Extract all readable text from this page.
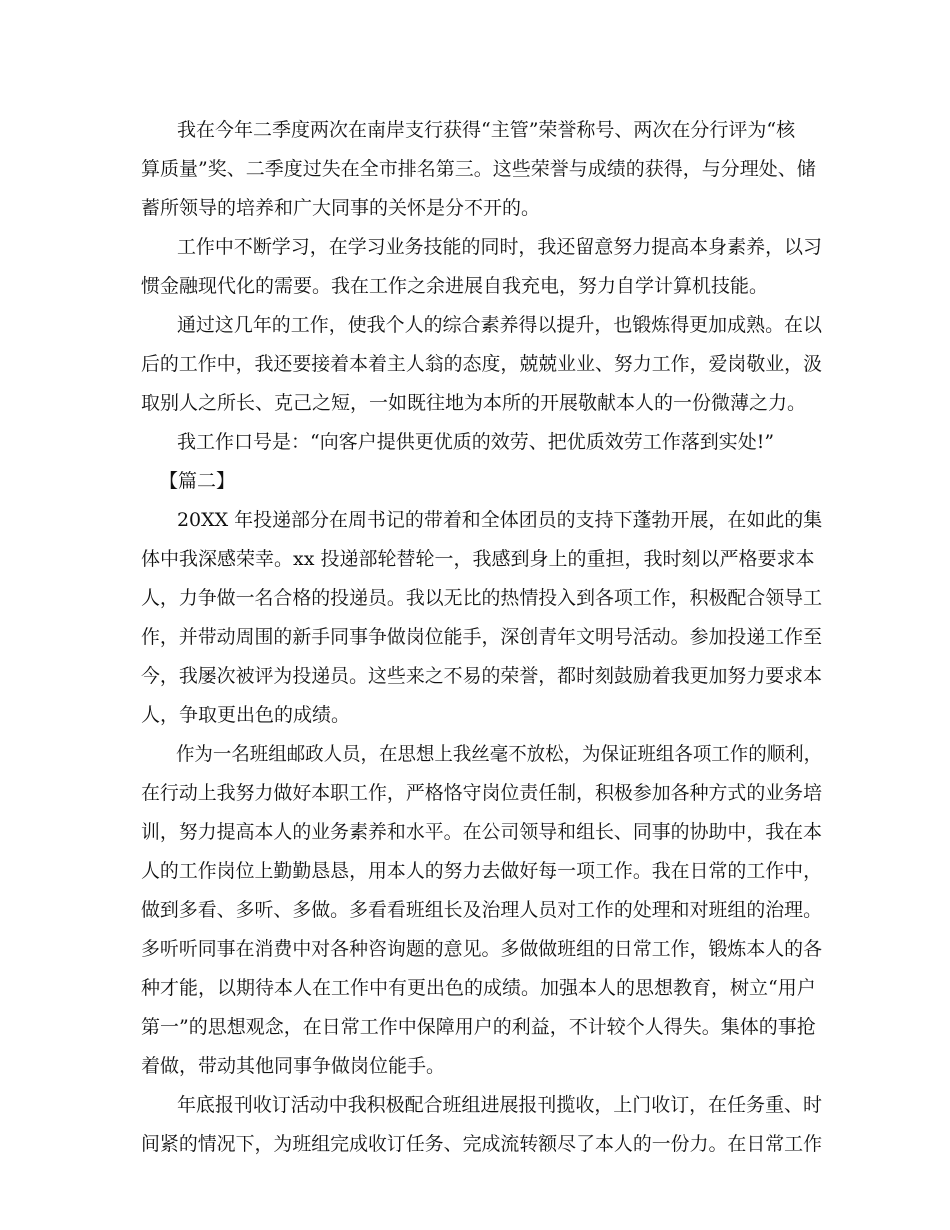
我在今年二季度两次在南岸支行获得“主管”荣誉称号、两次在分行评为“核
算质量”奖、二季度过失在全市排名第三。这些荣誉与成绩的获得，与分理处、储
蓄所领导的培养和广大同事的关怀是分不开的。
工作中不断学习，在学习业务技能的同时，我还留意努力提高本身素养，以习
惯金融现代化的需要。我在工作之余进展自我充电，努力自学计算机技能。
通过这几年的工作，使我个人的综合素养得以提升，也锻炼得更加成熟。在以
后的工作中，我还要接着本着主人翁的态度，兢兢业业、努力工作，爱岗敬业，汲
取别人之所长、克己之短，一如既往地为本所的开展敬献本人的一份微薄之力。
我工作口号是：“向客户提供更优质的效劳、把优质效劳工作落到实处!”
【篇二】
20XX 年投递部分在周书记的带着和全体团员的支持下蓬勃开展，在如此的集
体中我深感荣幸。xx 投递部轮替轮一，我感到身上的重担，我时刻以严格要求本
人，力争做一名合格的投递员。我以无比的热情投入到各项工作，积极配合领导工
作，并带动周围的新手同事争做岗位能手，深创青年文明号活动。参加投递工作至
今，我屡次被评为投递员。这些来之不易的荣誉，都时刻鼓励着我更加努力要求本
人，争取更出色的成绩。
作为一名班组邮政人员，在思想上我丝毫不放松，为保证班组各项工作的顺利，
在行动上我努力做好本职工作，严格恪守岗位责任制，积极参加各种方式的业务培
训，努力提高本人的业务素养和水平。在公司领导和组长、同事的协助中，我在本
人的工作岗位上勤勤恳恳，用本人的努力去做好每一项工作。我在日常的工作中，
做到多看、多听、多做。多看看班组长及治理人员对工作的处理和对班组的治理。
多听听同事在消费中对各种咨询题的意见。多做做班组的日常工作，锻炼本人的各
种才能，以期待本人在工作中有更出色的成绩。加强本人的思想教育，树立“用户
第一”的思想观念，在日常工作中保障用户的利益，不计较个人得失。集体的事抢
着做，带动其他同事争做岗位能手。
年底报刊收订活动中我积极配合班组进展报刊揽收，上门收订，在任务重、时
间紧的情况下，为班组完成收订任务、完成流转额尽了本人的一份力。在日常工作
